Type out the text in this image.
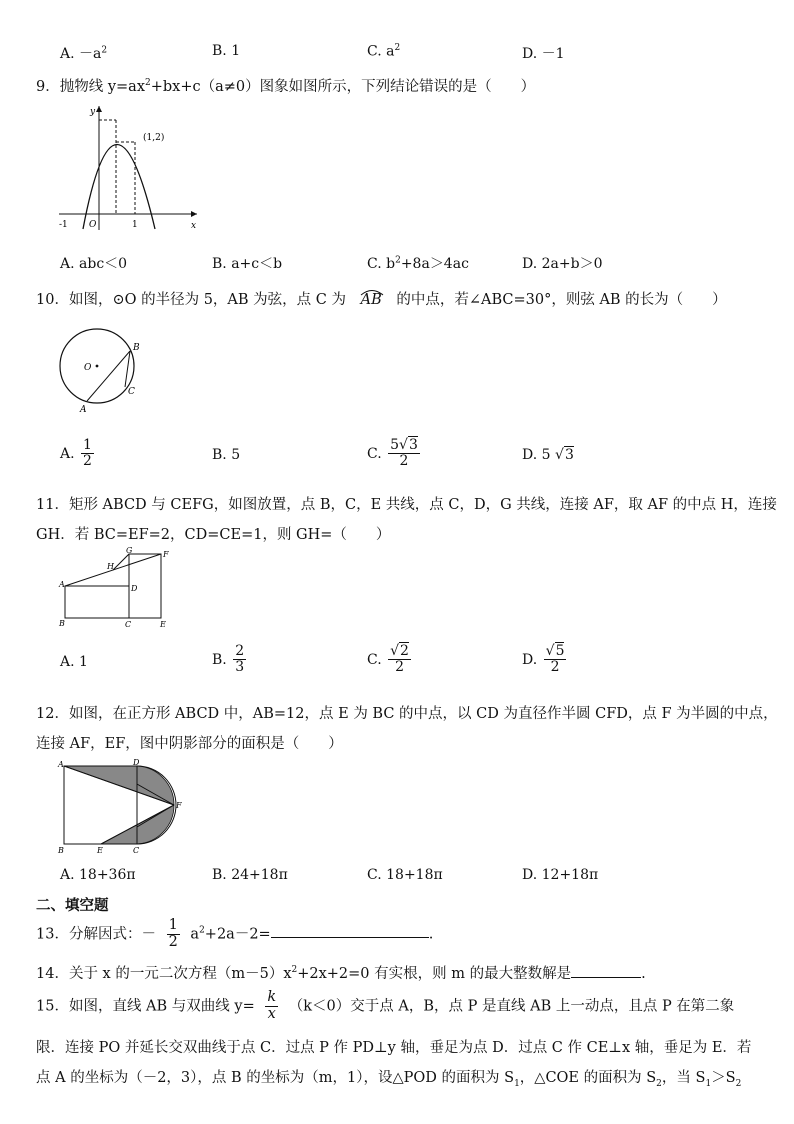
A. $-a^2$	B. 1	C. $a^2$	D. －1
9．抛物线 $y=ax^2+bx+c(a\ne 0)$图象如图所示，下列结论错误的是（　　）
(1,2)
x
y
O
-1	1
A. abc＜0	B. a+c＜b	C. $b^2+8a>4ac$	D. 2a+b＞0
10．如图，⊙O 的半径为 5，AB 为弦，点 C 为 AB 的中点，若∠ABC=30°，则弦 AB 的长为（　　）
O
A
B
C
A. $\frac{1}{2}$	B. 5	C. $\frac{5√3}{2}$	D. 5 √3
11．矩形 ABCD 与 CEFG，如图放置，点 B，C，E 共线，点 C，D，G 共线，连接 AF，取 AF 的中点 H，连接
GH．若 BC=EF=2，CD=CE=1，则 GH=（　　）
A
B	C
D
E
F
G
H
A. 1	B. $\frac{2}{3}$	C. $\frac{√2}{2}$	D. $\frac{√5}{2}$
12．如图，在正方形 ABCD 中，AB=12，点 E 为 BC 的中点，以 CD 为直径作半圆 CFD，点 F 为半圆的中点，
连接 AF，EF，图中阴影部分的面积是（　　）
A
B	C
D
E
F
A. 18+36π	B. 24+18π	C. 18+18π	D. 12+18π
二、填空题
13．分解因式：－ $\frac{1}{2} a^2+2a-2=$	.
14．关于 x 的一元二次方程$(m-5)x^2+2x+2=0$ 有实根，则 m 的最大整数解是	.
15．如图，直线 AB 与双曲线 $y= \frac{k}{x} (k<0)$交于点 A，B，点 P 是直线 AB 上一动点，且点 P 在第二象
限．连接 PO 并延长交双曲线于点 C．过点 P 作 PD⊥y 轴，垂足为点 D．过点 C 作 CE⊥x 轴，垂足为 E．若
点 A 的坐标为（－2，3），点 B 的坐标为（m，1），设△POD 的面积为 $S_1$，△COE 的面积为 $S_2$，当 $S_1>S_2$
